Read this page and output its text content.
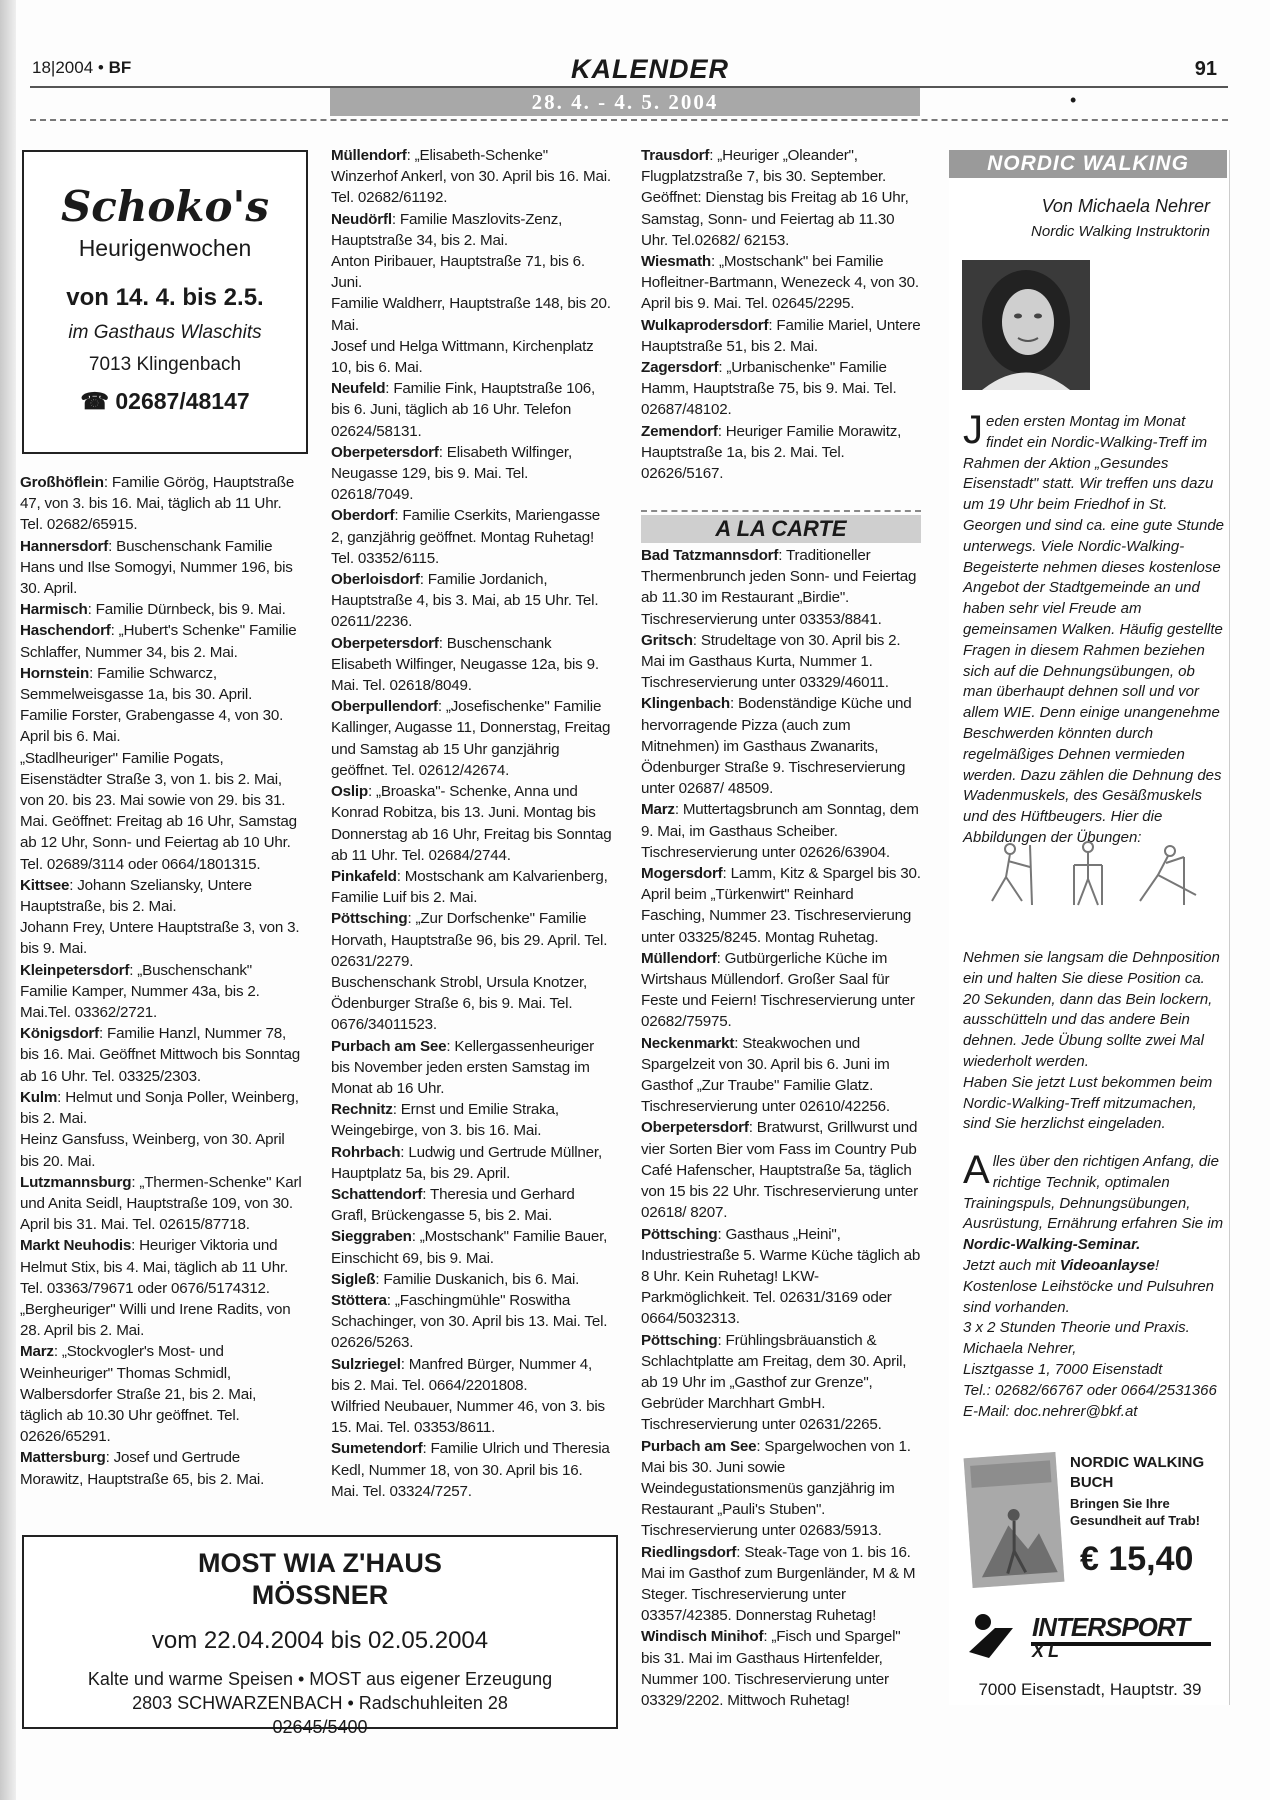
18|2004 • BF	KALENDER	91
28. 4. - 4. 5. 2004	•
Schoko's
Heurigenwochen
von 14. 4. bis 2.5.
im Gasthaus Wlaschits
7013 Klingenbach
☎ 02687/48147

Großhöflein: Familie Görög, Hauptstraße 47, von 3. bis 16. Mai, täglich ab 11 Uhr. Tel. 02682/65915.

Hannersdorf: Buschenschank Familie Hans und Ilse Somogyi, Nummer 196, bis 30. April.

Harmisch: Familie Dürnbeck, bis 9. Mai.

Haschendorf: „Hubert's Schenke" Familie Schlaffer, Nummer 34, bis 2. Mai.

Hornstein: Familie Schwarcz, Semmelweisgasse 1a, bis 30. April.

Familie Forster, Grabengasse 4, von 30. April bis 6. Mai.

„Stadlheuriger" Familie Pogats, Eisenstädter Straße 3, von 1. bis 2. Mai, von 20. bis 23. Mai sowie von 29. bis 31. Mai. Geöffnet: Freitag ab 16 Uhr, Samstag ab 12 Uhr, Sonn- und Feiertag ab 10 Uhr. Tel. 02689/3114 oder 0664/1801315.

Kittsee: Johann Szeliansky, Untere Hauptstraße, bis 2. Mai.

Johann Frey, Untere Hauptstraße 3, von 3. bis 9. Mai.

Kleinpetersdorf: „Buschenschank" Familie Kamper, Nummer 43a, bis 2. Mai.Tel. 03362/2721.

Königsdorf: Familie Hanzl, Nummer 78, bis 16. Mai. Geöffnet Mittwoch bis Sonntag ab 16 Uhr. Tel. 03325/2303.

Kulm: Helmut und Sonja Poller, Weinberg, bis 2. Mai.

Heinz Gansfuss, Weinberg, von 30. April bis 20. Mai.

Lutzmannsburg: „Thermen-Schenke" Karl und Anita Seidl, Hauptstraße 109, von 30. April bis 31. Mai. Tel. 02615/87718.

Markt Neuhodis: Heuriger Viktoria und Helmut Stix, bis 4. Mai, täglich ab 11 Uhr. Tel. 03363/79671 oder 0676/5174312.

„Bergheuriger" Willi und Irene Radits, von 28. April bis 2. Mai.

Marz: „Stockvogler's Most- und Weinheuriger" Thomas Schmidl, Walbersdorfer Straße 21, bis 2. Mai, täglich ab 10.30 Uhr geöffnet. Tel. 02626/65291.

Mattersburg: Josef und Gertrude Morawitz, Hauptstraße 65, bis 2. Mai.

Müllendorf: „Elisabeth-Schenke" Winzerhof Ankerl, von 30. April bis 16. Mai. Tel. 02682/61192.

Neudörfl: Familie Maszlovits-Zenz, Hauptstraße 34, bis 2. Mai.

Anton Piribauer, Hauptstraße 71, bis 6. Juni.

Familie Waldherr, Hauptstraße 148, bis 20. Mai.

Josef und Helga Wittmann, Kirchenplatz 10, bis 6. Mai.

Neufeld: Familie Fink, Hauptstraße 106, bis 6. Juni, täglich ab 16 Uhr. Telefon 02624/58131.

Oberpetersdorf: Elisabeth Wilfinger, Neugasse 129, bis 9. Mai. Tel. 02618/7049.

Oberdorf: Familie Cserkits, Mariengasse 2, ganzjährig geöffnet. Montag Ruhetag! Tel. 03352/6115.

Oberloisdorf: Familie Jordanich, Hauptstraße 4, bis 3. Mai, ab 15 Uhr. Tel. 02611/2236.

Oberpetersdorf: Buschenschank Elisabeth Wilfinger, Neugasse 12a, bis 9. Mai. Tel. 02618/8049.

Oberpullendorf: „Josefischenke" Familie Kallinger, Augasse 11, Donnerstag, Freitag und Samstag ab 15 Uhr ganzjährig geöffnet. Tel. 02612/42674.

Oslip: „Broaska"- Schenke, Anna und Konrad Robitza, bis 13. Juni. Montag bis Donnerstag ab 16 Uhr, Freitag bis Sonntag ab 11 Uhr. Tel. 02684/2744.

Pinkafeld: Mostschank am Kalvarienberg, Familie Luif bis 2. Mai.

Pöttsching: „Zur Dorfschenke" Familie Horvath, Hauptstraße 96, bis 29. April. Tel. 02631/2279.

Buschenschank Strobl, Ursula Knotzer, Ödenburger Straße 6, bis 9. Mai. Tel. 0676/34011523.

Purbach am See: Kellergassenheuriger bis November jeden ersten Samstag im Monat ab 16 Uhr.

Rechnitz: Ernst und Emilie Straka, Weingebirge, von 3. bis 16. Mai.

Rohrbach: Ludwig und Gertrude Müllner, Hauptplatz 5a, bis 29. April.

Schattendorf: Theresia und Gerhard Grafl, Brückengasse 5, bis 2. Mai.

Sieggraben: „Mostschank" Familie Bauer, Einschicht 69, bis 9. Mai.

Sigleß: Familie Duskanich, bis 6. Mai.

Stöttera: „Faschingmühle" Roswitha Schachinger, von 30. April bis 13. Mai. Tel. 02626/5263.

Sulzriegel: Manfred Bürger, Nummer 4, bis 2. Mai. Tel. 0664/2201808.

Wilfried Neubauer, Nummer 46, von 3. bis 15. Mai. Tel. 03353/8611.

Sumetendorf: Familie Ulrich und Theresia Kedl, Nummer 18, von 30. April bis 16. Mai. Tel. 03324/7257.

Trausdorf: „Heuriger „Oleander", Flugplatzstraße 7, bis 30. September. Geöffnet: Dienstag bis Freitag ab 16 Uhr, Samstag, Sonn- und Feiertag ab 11.30 Uhr. Tel.02682/ 62153.

Wiesmath: „Mostschank" bei Familie Hofleitner-Bartmann, Wenezeck 4, von 30. April bis 9. Mai. Tel. 02645/2295.

Wulkaprodersdorf: Familie Mariel, Untere Hauptstraße 51, bis 2. Mai.

Zagersdorf: „Urbanischenke" Familie Hamm, Hauptstraße 75, bis 9. Mai. Tel. 02687/48102.

Zemendorf: Heuriger Familie Morawitz, Hauptstraße 1a, bis 2. Mai. Tel. 02626/5167.

A LA CARTE

Bad Tatzmannsdorf: Traditioneller Thermenbrunch jeden Sonn- und Feiertag ab 11.30 im Restaurant „Birdie". Tischreservierung unter 03353/8841.

Gritsch: Strudeltage von 30. April bis 2. Mai im Gasthaus Kurta, Nummer 1. Tischreservierung unter 03329/46011.

Klingenbach: Bodenständige Küche und hervorragende Pizza (auch zum Mitnehmen) im Gasthaus Zwanarits, Ödenburger Straße 9. Tischreservierung unter 02687/ 48509.

Marz: Muttertagsbrunch am Sonntag, dem 9. Mai, im Gasthaus Scheiber. Tischreservierung unter 02626/63904.

Mogersdorf: Lamm, Kitz & Spargel bis 30. April beim „Türkenwirt" Reinhard Fasching, Nummer 23. Tischreservierung unter 03325/8245. Montag Ruhetag.

Müllendorf: Gutbürgerliche Küche im Wirtshaus Müllendorf. Großer Saal für Feste und Feiern! Tischreservierung unter 02682/75975.

Neckenmarkt: Steakwochen und Spargelzeit von 30. April bis 6. Juni im Gasthof „Zur Traube" Familie Glatz. Tischreservierung unter 02610/42256.

Oberpetersdorf: Bratwurst, Grillwurst und vier Sorten Bier vom Fass im Country Pub Café Hafenscher, Hauptstraße 5a, täglich von 15 bis 22 Uhr. Tischreservierung unter 02618/ 8207.

Pöttsching: Gasthaus „Heini", Industriestraße 5. Warme Küche täglich ab 8 Uhr. Kein Ruhetag! LKW-Parkmöglichkeit. Tel. 02631/3169 oder 0664/5032313.

Pöttsching: Frühlingsbräuanstich & Schlachtplatte am Freitag, dem 30. April, ab 19 Uhr im „Gasthof zur Grenze", Gebrüder Marchhart GmbH. Tischreservierung unter 02631/2265.

Purbach am See: Spargelwochen von 1. Mai bis 30. Juni sowie Weindegustationsmenüs ganzjährig im Restaurant „Pauli's Stuben". Tischreservierung unter 02683/5913.

Riedlingsdorf: Steak-Tage von 1. bis 16. Mai im Gasthof zum Burgenländer, M & M Steger. Tischreservierung unter 03357/42385. Donnerstag Ruhetag!

Windisch Minihof: „Fisch und Spargel" bis 31. Mai im Gasthaus Hirtenfelder, Nummer 100. Tischreservierung unter 03329/2202. Mittwoch Ruhetag!

MOST WIA Z'HAUS
MÖSSNER
vom 22.04.2004 bis 02.05.2004
Kalte und warme Speisen • MOST aus eigener Erzeugung
2803 SCHWARZENBACH • Radschuhleiten 28
02645/5400
NORDIC WALKING
Von Michaela Nehrer
Nordic Walking Instruktorin
Jeden ersten Montag im Monat findet ein Nordic-Walking-Treff im Rahmen der Aktion „Gesundes Eisenstadt" statt. Wir treffen uns dazu um 19 Uhr beim Friedhof in St. Georgen und sind ca. eine gute Stunde unterwegs. Viele Nordic-Walking-Begeisterte nehmen dieses kostenlose Angebot der Stadtgemeinde an und haben sehr viel Freude am gemeinsamen Walken. Häufig gestellte Fragen in diesem Rahmen beziehen sich auf die Dehnungsübungen, ob man überhaupt dehnen soll und vor allem WIE. Denn einige unangenehme Beschwerden könnten durch regelmäßiges Dehnen vermieden werden. Dazu zählen die Dehnung des Wadenmuskels, des Gesäßmuskels und des Hüftbeugers. Hier die Abbildungen der Übungen:
Nehmen sie langsam die Dehnposition ein und halten Sie diese Position ca. 20 Sekunden, dann das Bein lockern, ausschütteln und das andere Bein dehnen. Jede Übung sollte zwei Mal wiederholt werden.
Haben Sie jetzt Lust bekommen beim Nordic-Walking-Treff mitzumachen, sind Sie herzlichst eingeladen.
Alles über den richtigen Anfang, die richtige Technik, optimalen Trainingspuls, Dehnungsübungen, Ausrüstung, Ernährung erfahren Sie im Nordic-Walking-Seminar.
Jetzt auch mit Videoanlayse!
Kostenlose Leihstöcke und Pulsuhren sind vorhanden.
3 x 2 Stunden Theorie und Praxis.
Michaela Nehrer,
Lisztgasse 1, 7000 Eisenstadt
Tel.: 02682/66767 oder 0664/2531366
E-Mail: doc.nehrer@bkf.at
NORDIC WALKING BUCH
Bringen Sie Ihre Gesundheit auf Trab!
€ 15,40
INTERSPORT
XL
7000 Eisenstadt, Hauptstr. 39
